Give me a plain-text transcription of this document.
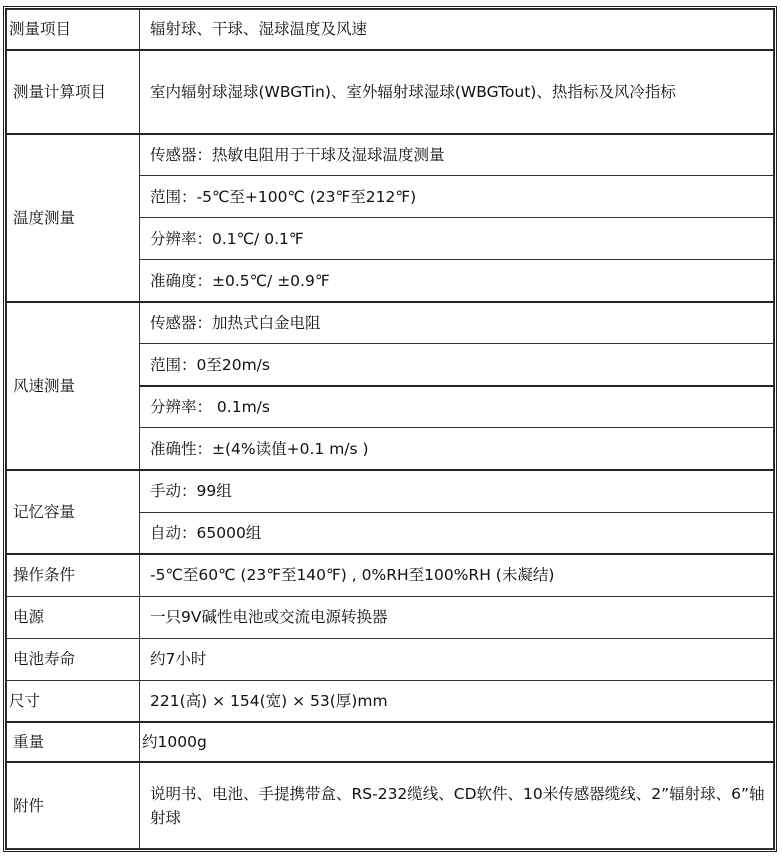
测量项目	辐射球、干球、湿球温度及风速
测量计算项目	室内辐射球湿球(WBGTin)、室外辐射球湿球(WBGTout)、热指标及风冷指标
温度测量	传感器：热敏电阻用于干球及湿球温度测量
	范围：-5℃至+100℃ (23℉至212℉)
	分辨率：0.1℃/ 0.1℉
	准确度：±0.5℃/ ±0.9℉
风速测量	传感器：加热式白金电阻
	范围：0至20m/s
	分辨率： 0.1m/s
	准确性：±(4%读值+0.1 m/s )
记忆容量	手动：99组
	自动：65000组
操作条件	-5℃至60℃ (23℉至140℉) , 0%RH至100%RH (未凝结)
电源	一只9V碱性电池或交流电源转换器
电池寿命	约7小时
尺寸	221(高) × 154(宽) × 53(厚)mm
重量	约1000g
附件	说明书、电池、手提携带盒、RS-232缆线、CD软件、10米传感器缆线、2”辐射球、6”轴射球
